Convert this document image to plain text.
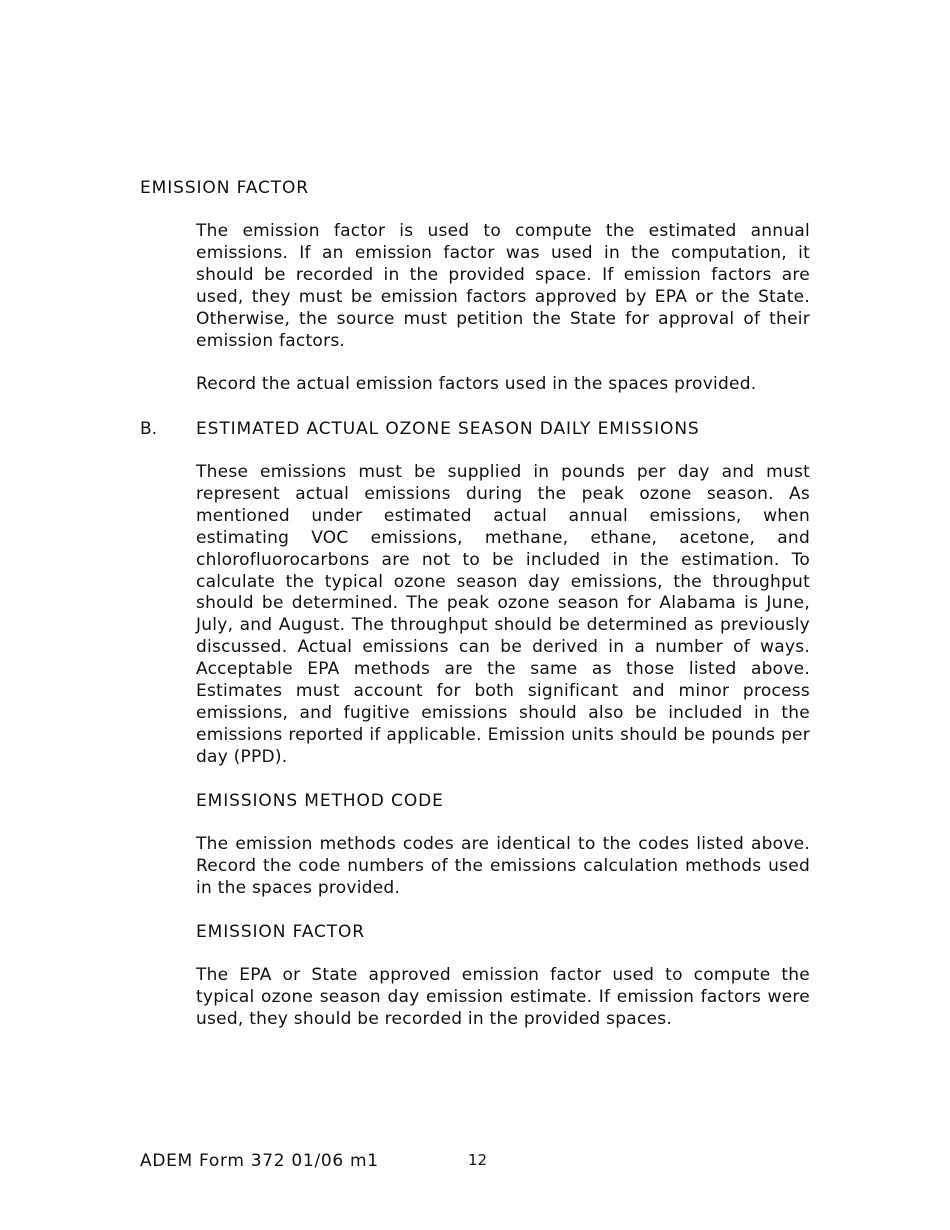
EMISSION FACTOR
The emission factor is used to compute the estimated annual emissions. If an emission factor was used in the computation, it should be recorded in the provided space. If emission factors are used, they must be emission factors approved by EPA or the State. Otherwise, the source must petition the State for approval of their emission factors.
Record the actual emission factors used in the spaces provided.
B. ESTIMATED ACTUAL OZONE SEASON DAILY EMISSIONS
These emissions must be supplied in pounds per day and must represent actual emissions during the peak ozone season. As mentioned under estimated actual annual emissions, when estimating VOC emissions, methane, ethane, acetone, and chlorofluorocarbons are not to be included in the estimation. To calculate the typical ozone season day emissions, the throughput should be determined. The peak ozone season for Alabama is June, July, and August. The throughput should be determined as previously discussed. Actual emissions can be derived in a number of ways. Acceptable EPA methods are the same as those listed above. Estimates must account for both significant and minor process emissions, and fugitive emissions should also be included in the emissions reported if applicable. Emission units should be pounds per day (PPD).
EMISSIONS METHOD CODE
The emission methods codes are identical to the codes listed above. Record the code numbers of the emissions calculation methods used in the spaces provided.
EMISSION FACTOR
The EPA or State approved emission factor used to compute the typical ozone season day emission estimate. If emission factors were used, they should be recorded in the provided spaces.
ADEM Form 372 01/06 m1	12
